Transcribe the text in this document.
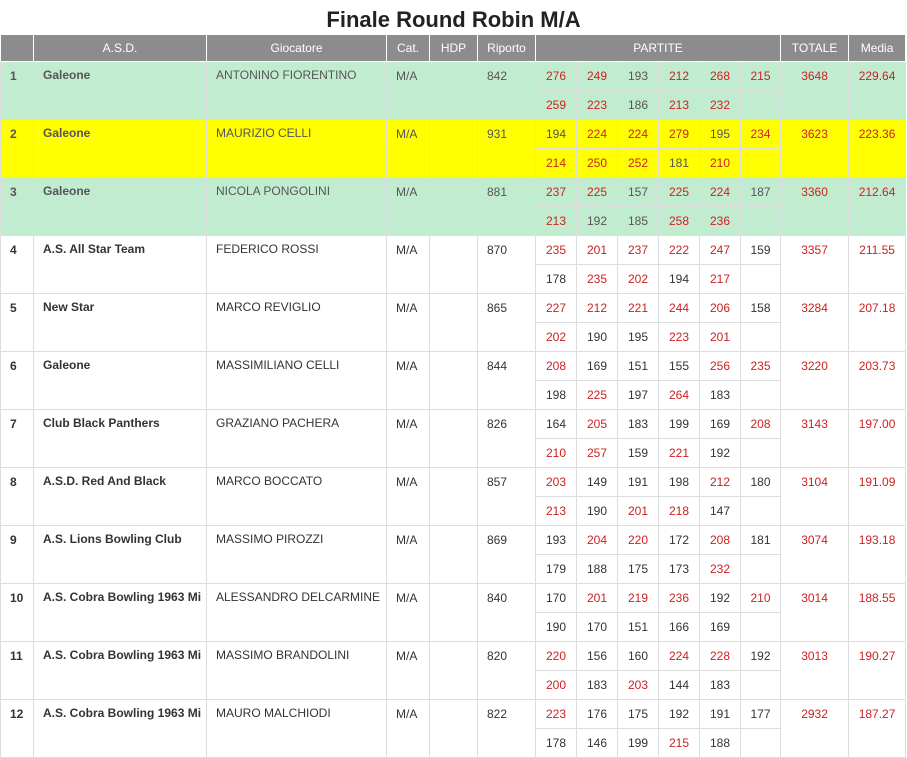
Finale Round Robin M/A
	A.S.D.	Giocatore	Cat.	HDP	Riporto	PARTITE						TOTALE	Media
1	Galeone	ANTONINO FIORENTINO	M/A		842	276	249	193	212	268	215	3648	229.64
						259	223	186	213	232			
2	Galeone	MAURIZIO CELLI	M/A		931	194	224	224	279	195	234	3623	223.36
						214	250	252	181	210			
3	Galeone	NICOLA PONGOLINI	M/A		881	237	225	157	225	224	187	3360	212.64
						213	192	185	258	236			
4	A.S. All Star Team	FEDERICO ROSSI	M/A		870	235	201	237	222	247	159	3357	211.55
						178	235	202	194	217			
5	New Star	MARCO REVIGLIO	M/A		865	227	212	221	244	206	158	3284	207.18
						202	190	195	223	201			
6	Galeone	MASSIMILIANO CELLI	M/A		844	208	169	151	155	256	235	3220	203.73
						198	225	197	264	183			
7	Club Black Panthers	GRAZIANO PACHERA	M/A		826	164	205	183	199	169	208	3143	197.00
						210	257	159	221	192			
8	A.S.D. Red And Black	MARCO BOCCATO	M/A		857	203	149	191	198	212	180	3104	191.09
						213	190	201	218	147			
9	A.S. Lions Bowling Club	MASSIMO PIROZZI	M/A		869	193	204	220	172	208	181	3074	193.18
						179	188	175	173	232			
10	A.S. Cobra Bowling 1963 Mi	ALESSANDRO DELCARMINE	M/A		840	170	201	219	236	192	210	3014	188.55
						190	170	151	166	169			
11	A.S. Cobra Bowling 1963 Mi	MASSIMO BRANDOLINI	M/A		820	220	156	160	224	228	192	3013	190.27
						200	183	203	144	183			
12	A.S. Cobra Bowling 1963 Mi	MAURO MALCHIODI	M/A		822	223	176	175	192	191	177	2932	187.27
						178	146	199	215	188			
